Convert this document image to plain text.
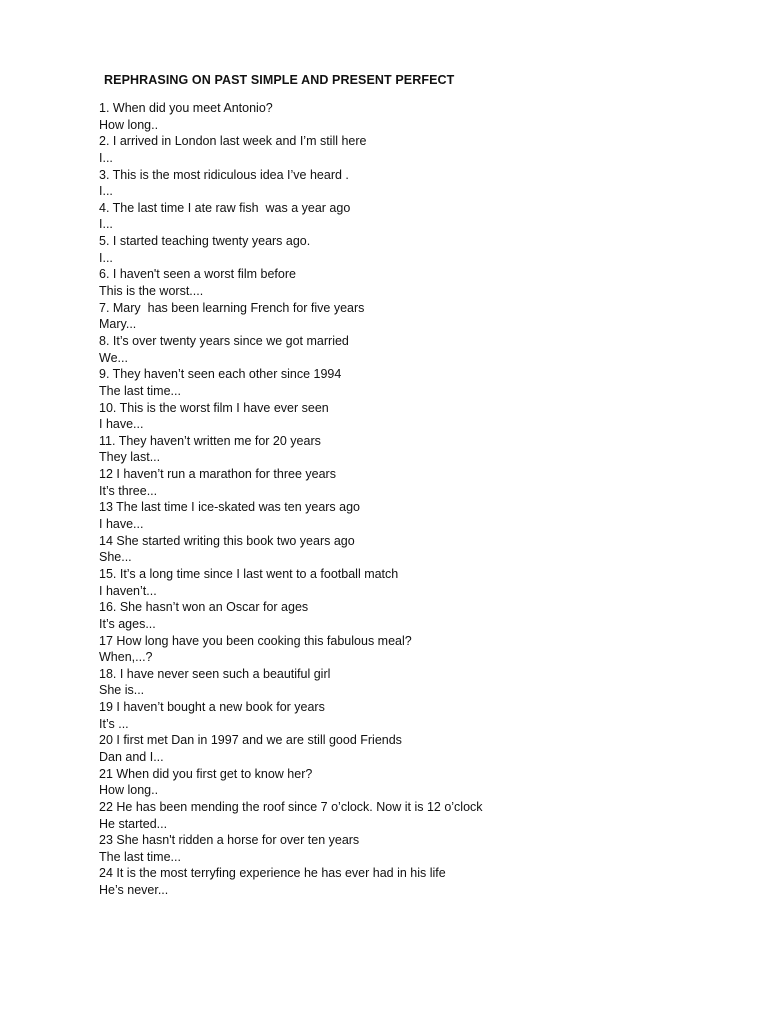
REPHRASING ON PAST SIMPLE AND PRESENT PERFECT
1. When did you meet Antonio?
How long..
2. I arrived in London last week and I’m still here
I...
3. This is the most ridiculous idea I’ve heard .
I...
4. The last time I ate raw fish  was a year ago
I...
5. I started teaching twenty years ago.
I...
6. I haven't seen a worst film before
This is the worst....
7. Mary  has been learning French for five years
Mary...
8. It’s over twenty years since we got married
We...
9. They haven’t seen each other since 1994
The last time...
10. This is the worst film I have ever seen
I have...
11. They haven’t written me for 20 years
They last...
12 I haven’t run a marathon for three years
It’s three...
13 The last time I ice-skated was ten years ago
I have...
14 She started writing this book two years ago
She...
15. It’s a long time since I last went to a football match
I haven’t...
16. She hasn’t won an Oscar for ages
It’s ages...
17 How long have you been cooking this fabulous meal?
When,...?
18. I have never seen such a beautiful girl
She is...
19 I haven’t bought a new book for years
It’s ...
20 I first met Dan in 1997 and we are still good Friends
Dan and I...
21 When did you first get to know her?
How long..
22 He has been mending the roof since 7 o’clock. Now it is 12 o’clock
He started...
23 She hasn't ridden a horse for over ten years
The last time...
24 It is the most terryfing experience he has ever had in his life
He’s never...
